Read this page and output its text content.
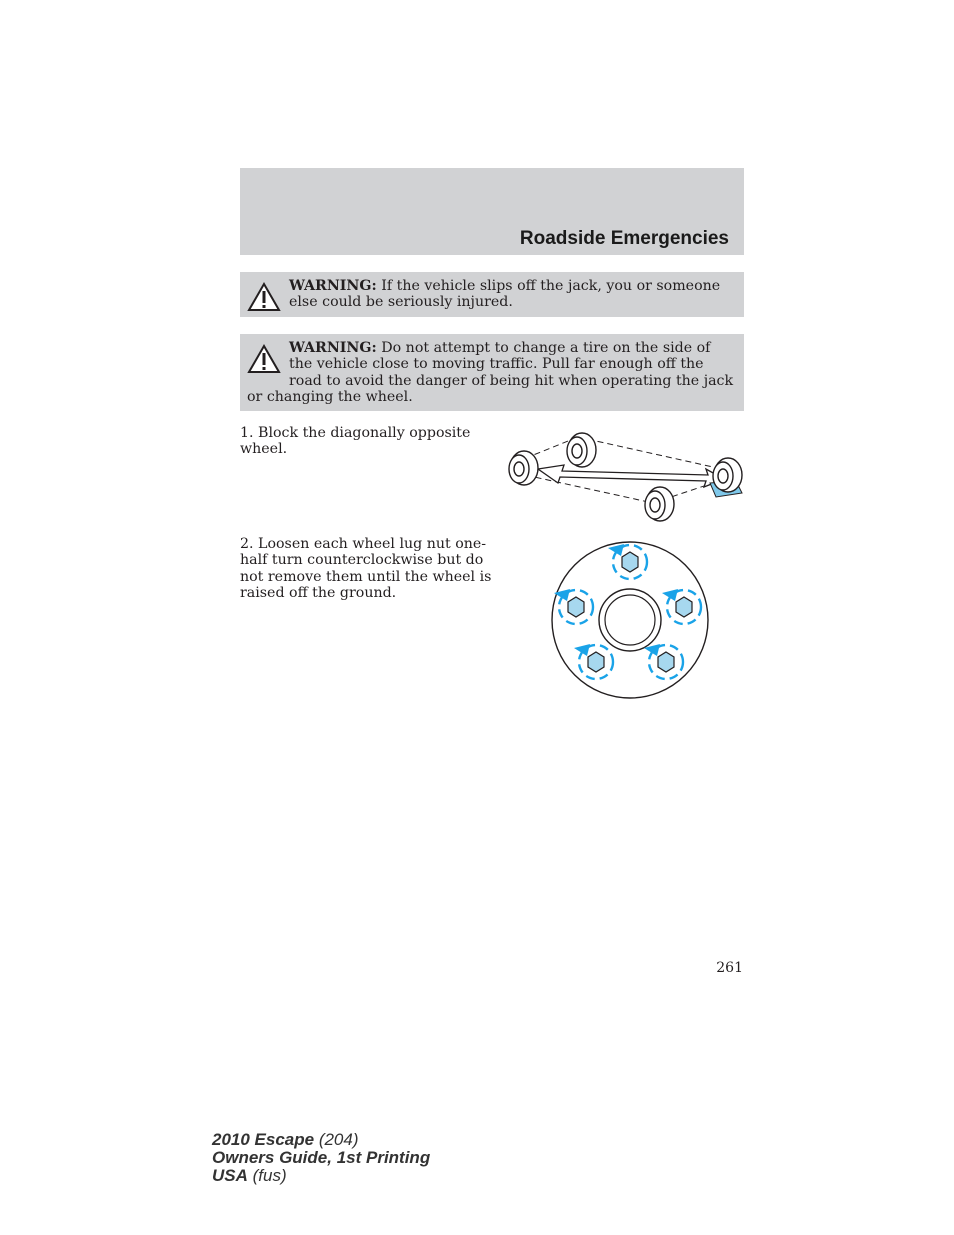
Roadside Emergencies
WARNING: If the vehicle slips off the jack, you or someone else could be seriously injured.
WARNING: Do not attempt to change a tire on the side of the vehicle close to moving traffic. Pull far enough off the road to avoid the danger of being hit when operating the jack or changing the wheel.
1. Block the diagonally opposite wheel.
2. Loosen each wheel lug nut one-half turn counterclockwise but do not remove them until the wheel is raised off the ground.
261
2010 Escape (204)
Owners Guide, 1st Printing
USA (fus)
